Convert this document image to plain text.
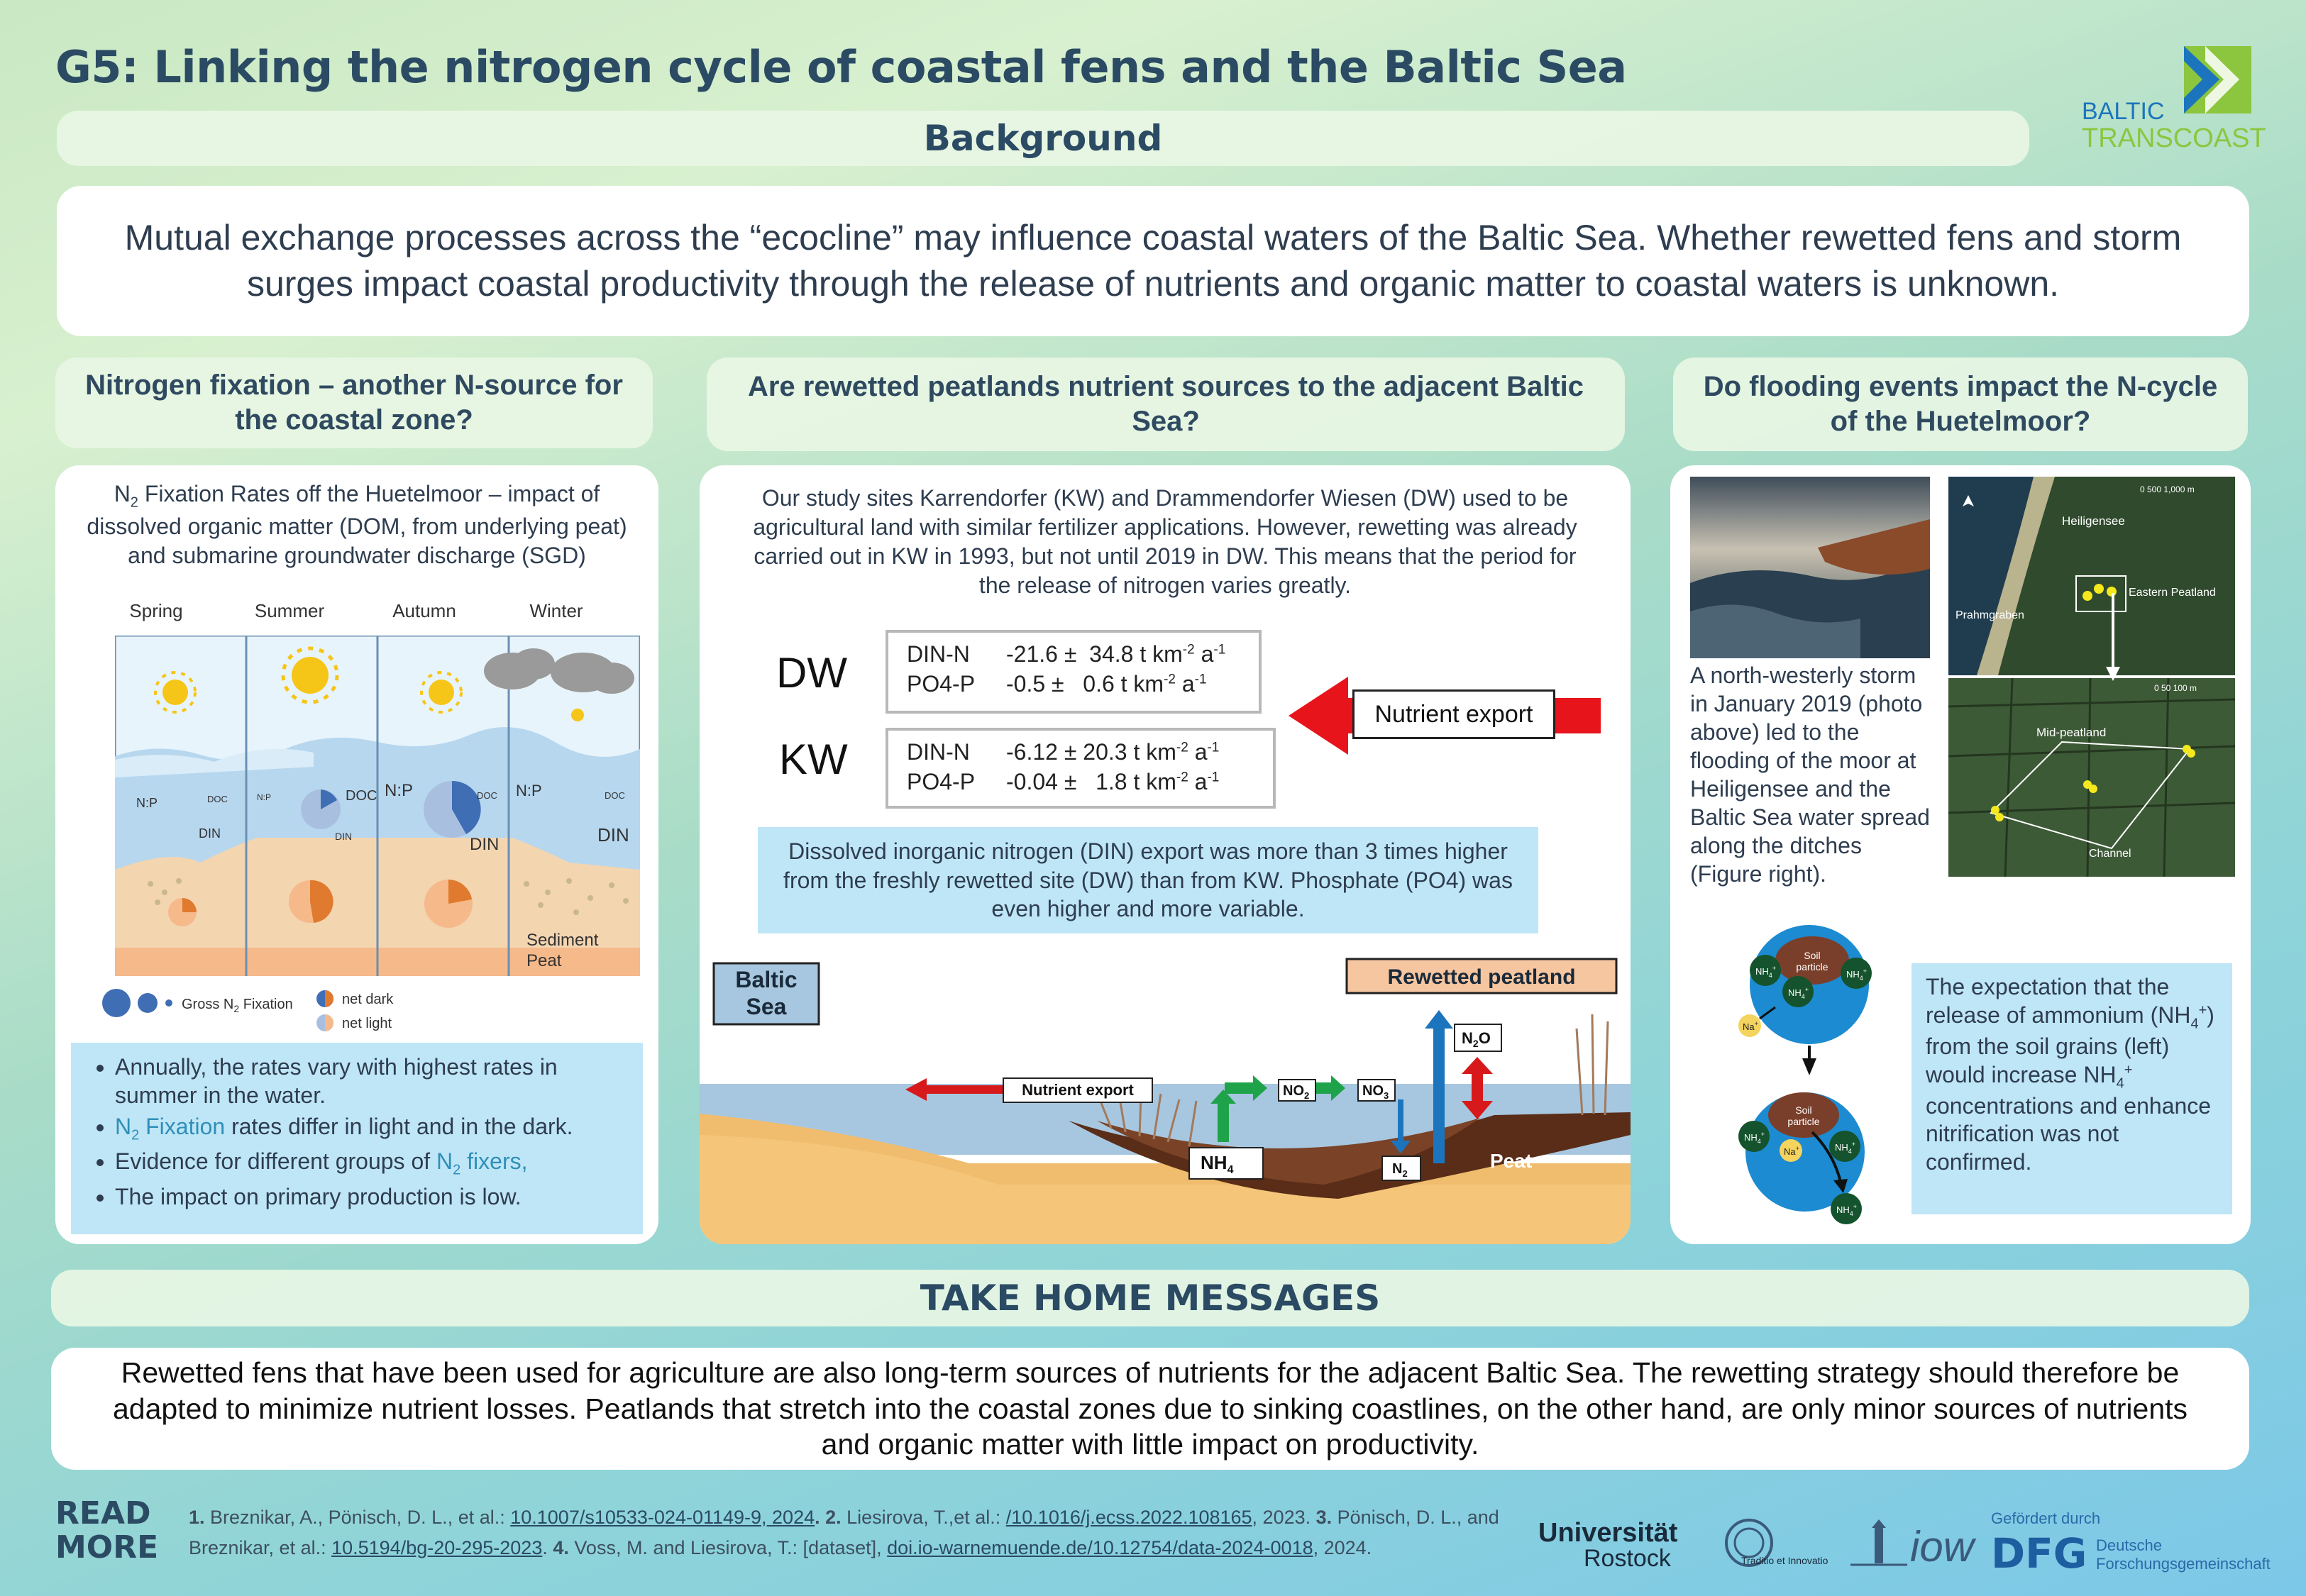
G5: Linking the nitrogen cycle of coastal fens and the Baltic Sea
BALTIC
TRANSCOAST
Background
Mutual exchange processes across the “ecocline” may influence coastal waters of the Baltic Sea. Whether rewetted fens and storm surges impact coastal productivity through the release of nutrients and organic matter to coastal waters is unknown.
Nitrogen fixation – another N-source for the coastal zone?
$N_2$ Fixation Rates off the Huetelmoor – impact of dissolved organic matter (DOM, from underlying peat) and submarine groundwater discharge (SGD)
Spring	Summer	Autumn	Winter
N:P	DOC
DIN
DOC
N:P
DIN
N:P	DOC
DIN
N:P	DOC
DIN
Sediment
Peat
Gross $N_2$ Fixation	net dark
net light
• Annually, the rates vary with highest rates in summer in the water.
• $N_2$ Fixation rates differ in light and in the dark.
• Evidence for different groups of $N_2$ fixers,
• The impact on primary production is low.
Are rewetted peatlands nutrient sources to the adjacent Baltic Sea?
Our study sites Karrendorfer (KW) and Drammendorfer Wiesen (DW) used to be agricultural land with similar fertilizer applications. However, rewetting was already carried out in KW in 1993, but not until 2019 in DW. This means that the period for the release of nitrogen varies greatly.
DW	DIN-N -21.6 ±  34.8 t $km^{-2}$ $a^{-1}$
PO4-P -0.5 ±   0.6 t $km^{-2}$ $a^{-1}$
KW	DIN-N -6.12 ± 20.3 t $km^{-2}$ $a^{-1}$
PO4-P -0.04 ±   1.8 t $km^{-2}$ $a^{-1}$
Nutrient export
Dissolved inorganic nitrogen (DIN) export was more than 3 times higher from the freshly rewetted site (DW) than from KW. Phosphate (PO4) was even higher and more variable.
Baltic
Sea
Rewetted peatland
Nutrient export	$NO_2$	$NO_3$
$NH_4$	$N_2$
$N_2O$
Peat
Do flooding events impact the N-cycle of the Huetelmoor?
Heiligensee
Eastern Peatland
Prahmgraben
0 500 1,000 m
Mid-peatland
Channel
0 50 100 m
A north-westerly storm in January 2019 (photo above) led to the flooding of the moor at Heiligensee and the Baltic Sea water spread along the ditches (Figure right).
Soil
particle
$NH_4^+$
$NH_4^+$
$NH_4^+$
Na+
Soil
particle
$NH_4^+$
Na+	$NH_4^+$
$NH_4^+$
The expectation that the release of ammonium $(NH_4^+)$ from the soil grains (left) would increase $NH_4^+$ concentrations and enhance nitrification was not confirmed.
TAKE HOME MESSAGES
Rewetted fens that have been used for agriculture are also long-term sources of nutrients for the adjacent Baltic Sea. The rewetting strategy should therefore be adapted to minimize nutrient losses. Peatlands that stretch into the coastal zones due to sinking coastlines, on the other hand, are only minor sources of nutrients and organic matter with little impact on productivity.
READ
MORE
1. Breznikar, A., Pönisch, D. L., et al.: 10.1007/s10533-024-01149-9, 2024. 2. Liesirova, T.,et al.: /10.1016/j.ecss.2022.108165, 2023. 3. Pönisch, D. L., and Breznikar, et al.: 10.5194/bg-20-295-2023. 4. Voss, M. and Liesirova, T.: [dataset], doi.io-warnemuende.de/10.12754/data-2024-0018, 2024.
Universität
Rostock	Traditio et Innovatio iow
Gefördert durch
DFG Deutsche
Forschungsgemeinschaft
